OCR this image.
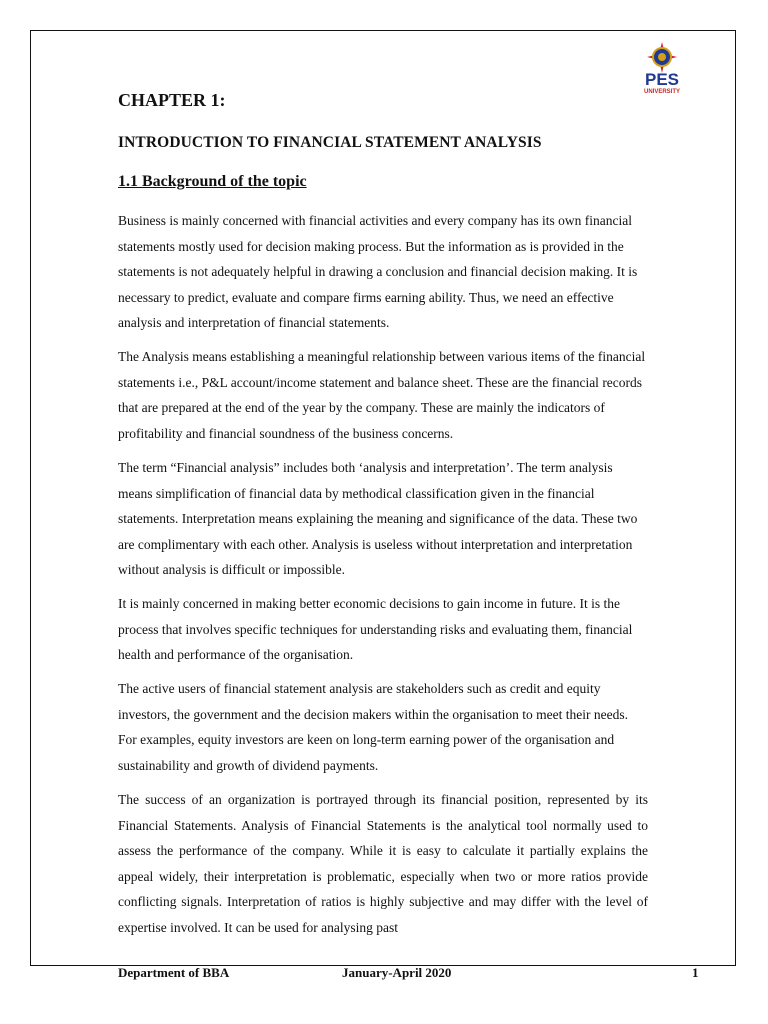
PES
UNIVERSITY
CHAPTER 1:
INTRODUCTION TO FINANCIAL STATEMENT ANALYSIS
1.1 Background of the topic

Business is mainly concerned with financial activities and every company has its own financial statements mostly used for decision making process. But the information as is provided in the statements is not adequately helpful in drawing a conclusion and financial decision making. It is necessary to predict, evaluate and compare firms earning ability. Thus, we need an effective analysis and interpretation of financial statements.

The Analysis means establishing a meaningful relationship between various items of the financial statements i.e., P&L account/income statement and balance sheet. These are the financial records that are prepared at the end of the year by the company. These are mainly the indicators of profitability and financial soundness of the business concerns.

The term “Financial analysis” includes both ‘analysis and interpretation’. The term analysis means simplification of financial data by methodical classification given in the financial statements. Interpretation means explaining the meaning and significance of the data. These two are complimentary with each other. Analysis is useless without interpretation and interpretation without analysis is difficult or impossible.

It is mainly concerned in making better economic decisions to gain income in future. It is the process that involves specific techniques for understanding risks and evaluating them, financial health and performance of the organisation.

The active users of financial statement analysis are stakeholders such as credit and equity investors, the government and the decision makers within the organisation to meet their needs. For examples, equity investors are keen on long-term earning power of the organisation and sustainability and growth of dividend payments.

The success of an organization is portrayed through its financial position, represented by its Financial Statements. Analysis of Financial Statements is the analytical tool normally used to assess the performance of the company. While it is easy to calculate it partially explains the appeal widely, their interpretation is problematic, especially when two or more ratios provide conflicting signals. Interpretation of ratios is highly subjective and may differ with the level of expertise involved. It can be used for analysing past

Department of BBA	January-April 2020	1
